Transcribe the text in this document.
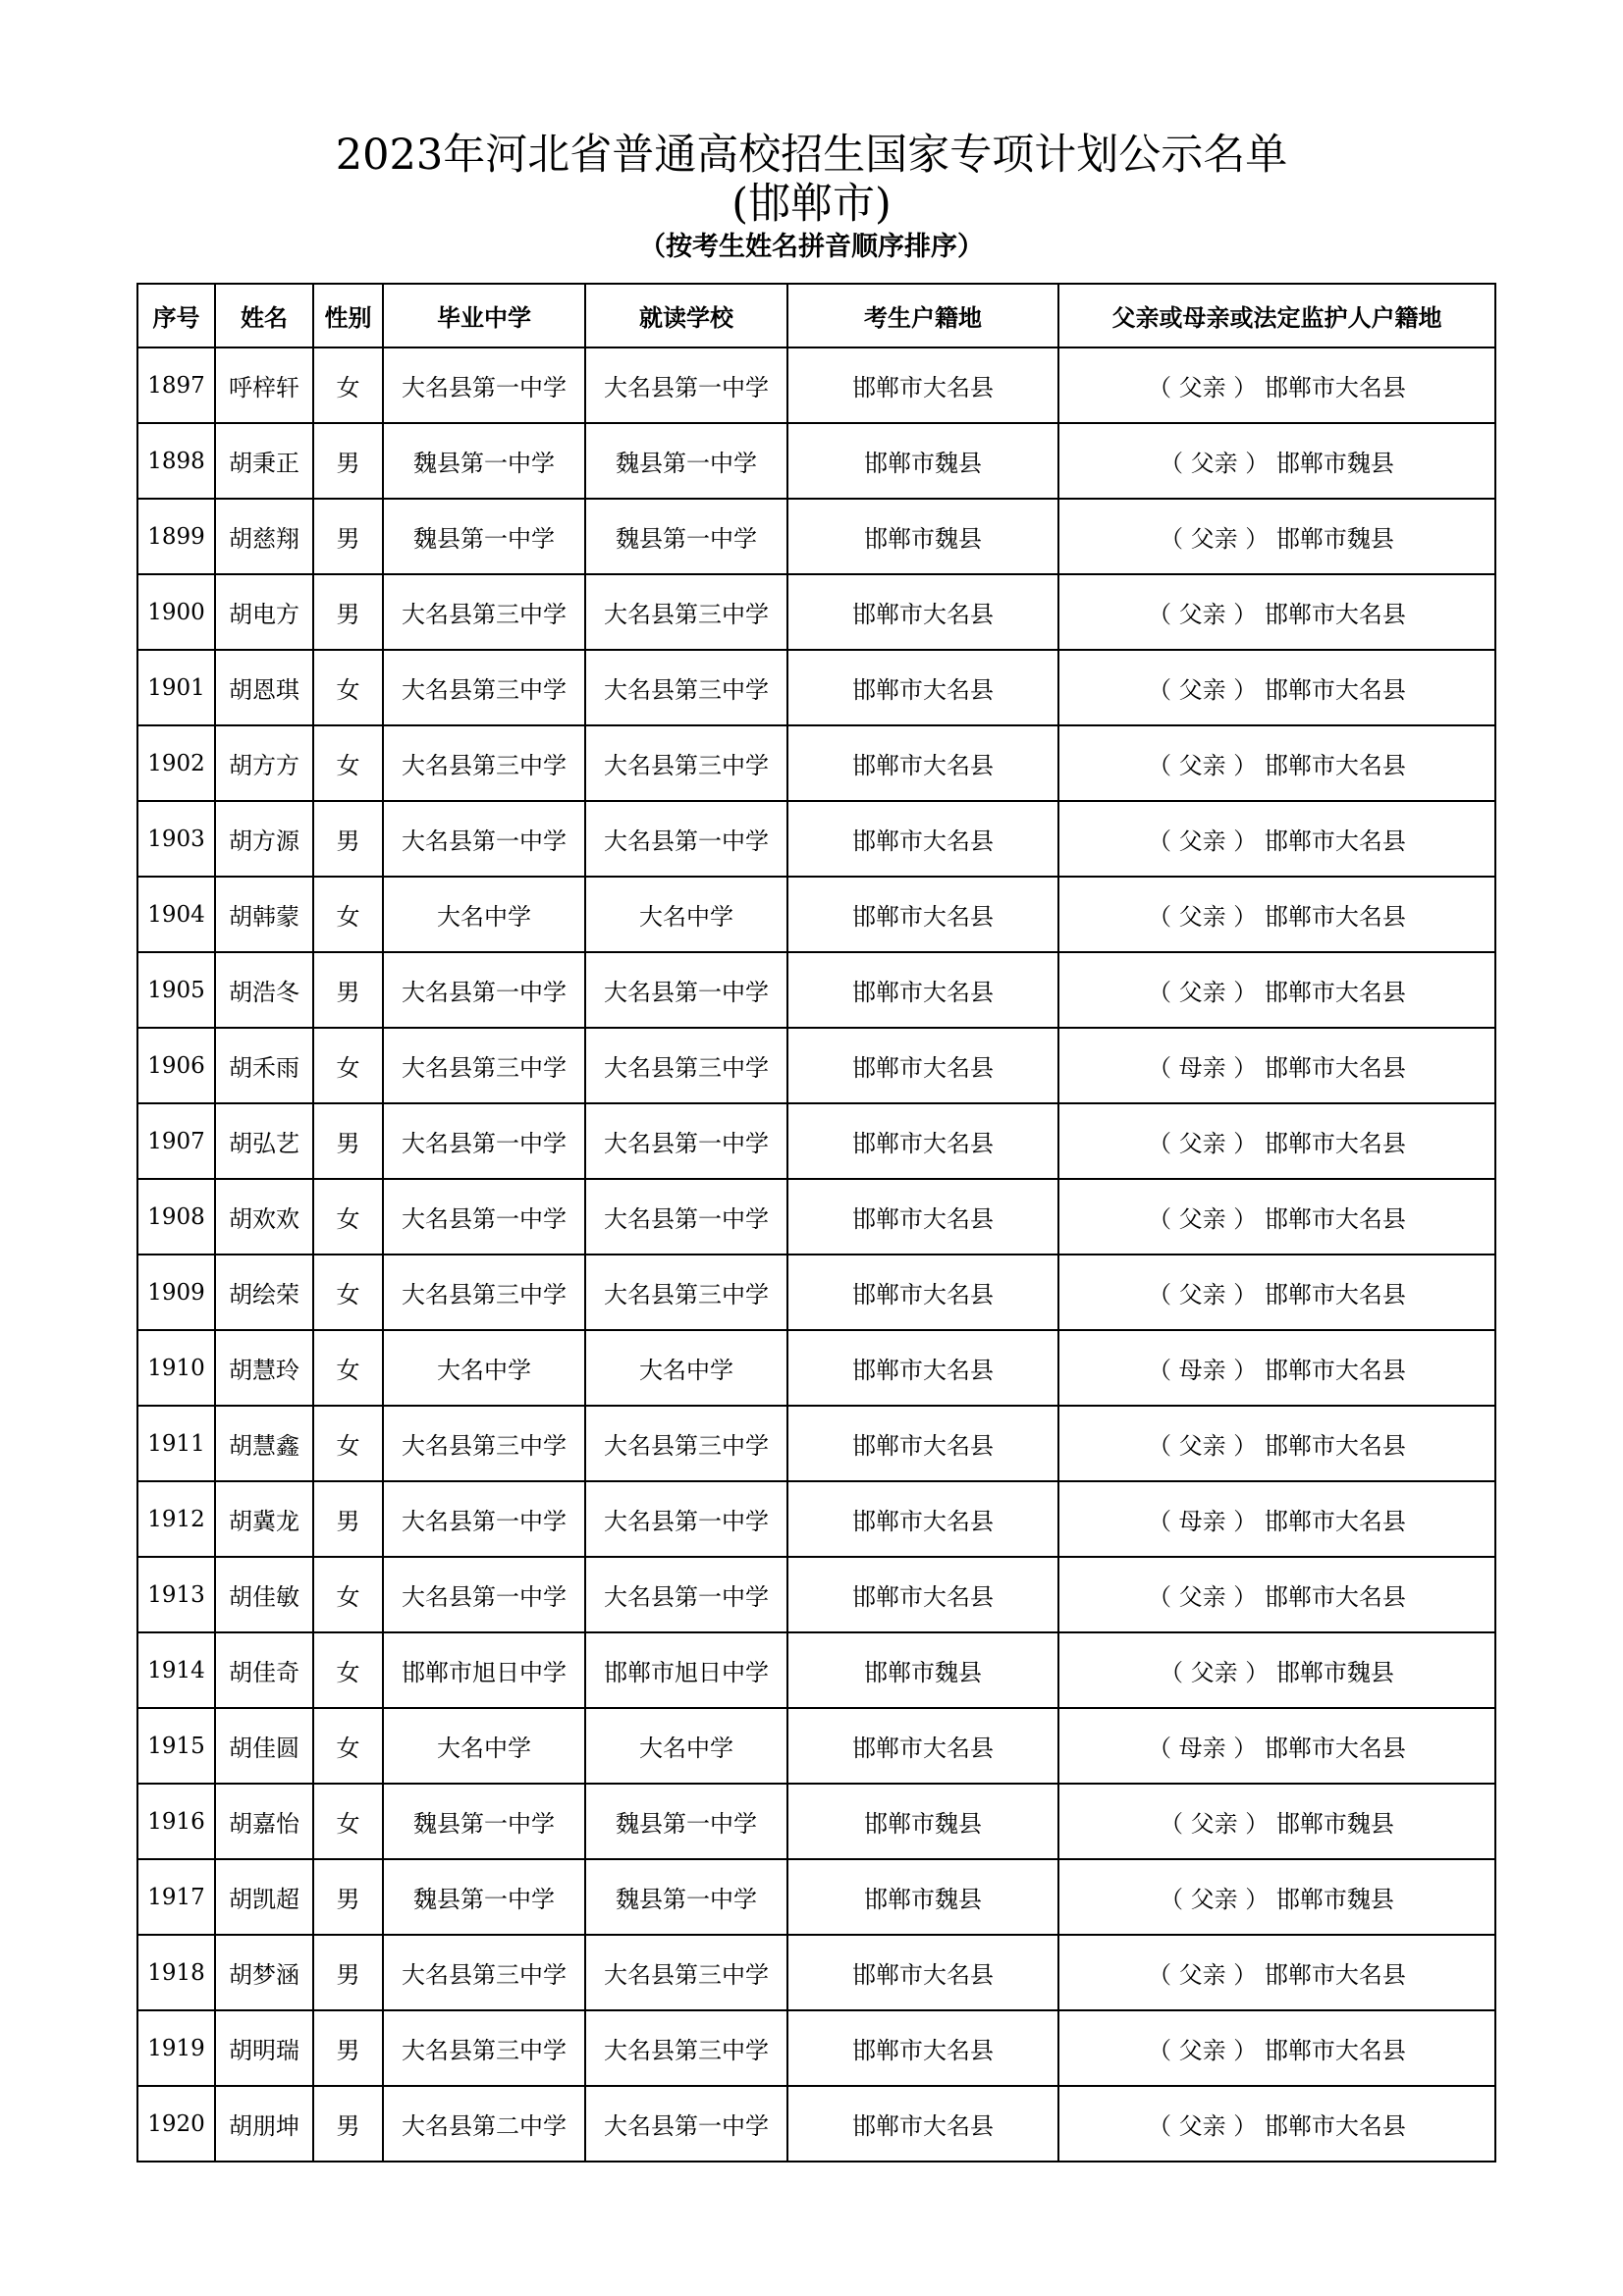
2023年河北省普通高校招生国家专项计划公示名单
(邯郸市)
（按考生姓名拼音顺序排序）
序号	姓名	性别	毕业中学	就读学校	考生户籍地	父亲或母亲或法定监护人户籍地
1897	呼梓轩	女	大名县第一中学	大名县第一中学	邯郸市大名县	（ 父亲 ） 邯郸市大名县
1898	胡秉正	男	魏县第一中学	魏县第一中学	邯郸市魏县	（ 父亲 ） 邯郸市魏县
1899	胡慈翔	男	魏县第一中学	魏县第一中学	邯郸市魏县	（ 父亲 ） 邯郸市魏县
1900	胡电方	男	大名县第三中学	大名县第三中学	邯郸市大名县	（ 父亲 ） 邯郸市大名县
1901	胡恩琪	女	大名县第三中学	大名县第三中学	邯郸市大名县	（ 父亲 ） 邯郸市大名县
1902	胡方方	女	大名县第三中学	大名县第三中学	邯郸市大名县	（ 父亲 ） 邯郸市大名县
1903	胡方源	男	大名县第一中学	大名县第一中学	邯郸市大名县	（ 父亲 ） 邯郸市大名县
1904	胡韩蒙	女	大名中学	大名中学	邯郸市大名县	（ 父亲 ） 邯郸市大名县
1905	胡浩冬	男	大名县第一中学	大名县第一中学	邯郸市大名县	（ 父亲 ） 邯郸市大名县
1906	胡禾雨	女	大名县第三中学	大名县第三中学	邯郸市大名县	（ 母亲 ） 邯郸市大名县
1907	胡弘艺	男	大名县第一中学	大名县第一中学	邯郸市大名县	（ 父亲 ） 邯郸市大名县
1908	胡欢欢	女	大名县第一中学	大名县第一中学	邯郸市大名县	（ 父亲 ） 邯郸市大名县
1909	胡绘荣	女	大名县第三中学	大名县第三中学	邯郸市大名县	（ 父亲 ） 邯郸市大名县
1910	胡慧玲	女	大名中学	大名中学	邯郸市大名县	（ 母亲 ） 邯郸市大名县
1911	胡慧鑫	女	大名县第三中学	大名县第三中学	邯郸市大名县	（ 父亲 ） 邯郸市大名县
1912	胡冀龙	男	大名县第一中学	大名县第一中学	邯郸市大名县	（ 母亲 ） 邯郸市大名县
1913	胡佳敏	女	大名县第一中学	大名县第一中学	邯郸市大名县	（ 父亲 ） 邯郸市大名县
1914	胡佳奇	女	邯郸市旭日中学	邯郸市旭日中学	邯郸市魏县	（ 父亲 ） 邯郸市魏县
1915	胡佳圆	女	大名中学	大名中学	邯郸市大名县	（ 母亲 ） 邯郸市大名县
1916	胡嘉怡	女	魏县第一中学	魏县第一中学	邯郸市魏县	（ 父亲 ） 邯郸市魏县
1917	胡凯超	男	魏县第一中学	魏县第一中学	邯郸市魏县	（ 父亲 ） 邯郸市魏县
1918	胡梦涵	男	大名县第三中学	大名县第三中学	邯郸市大名县	（ 父亲 ） 邯郸市大名县
1919	胡明瑞	男	大名县第三中学	大名县第三中学	邯郸市大名县	（ 父亲 ） 邯郸市大名县
1920	胡朋坤	男	大名县第二中学	大名县第一中学	邯郸市大名县	（ 父亲 ） 邯郸市大名县
